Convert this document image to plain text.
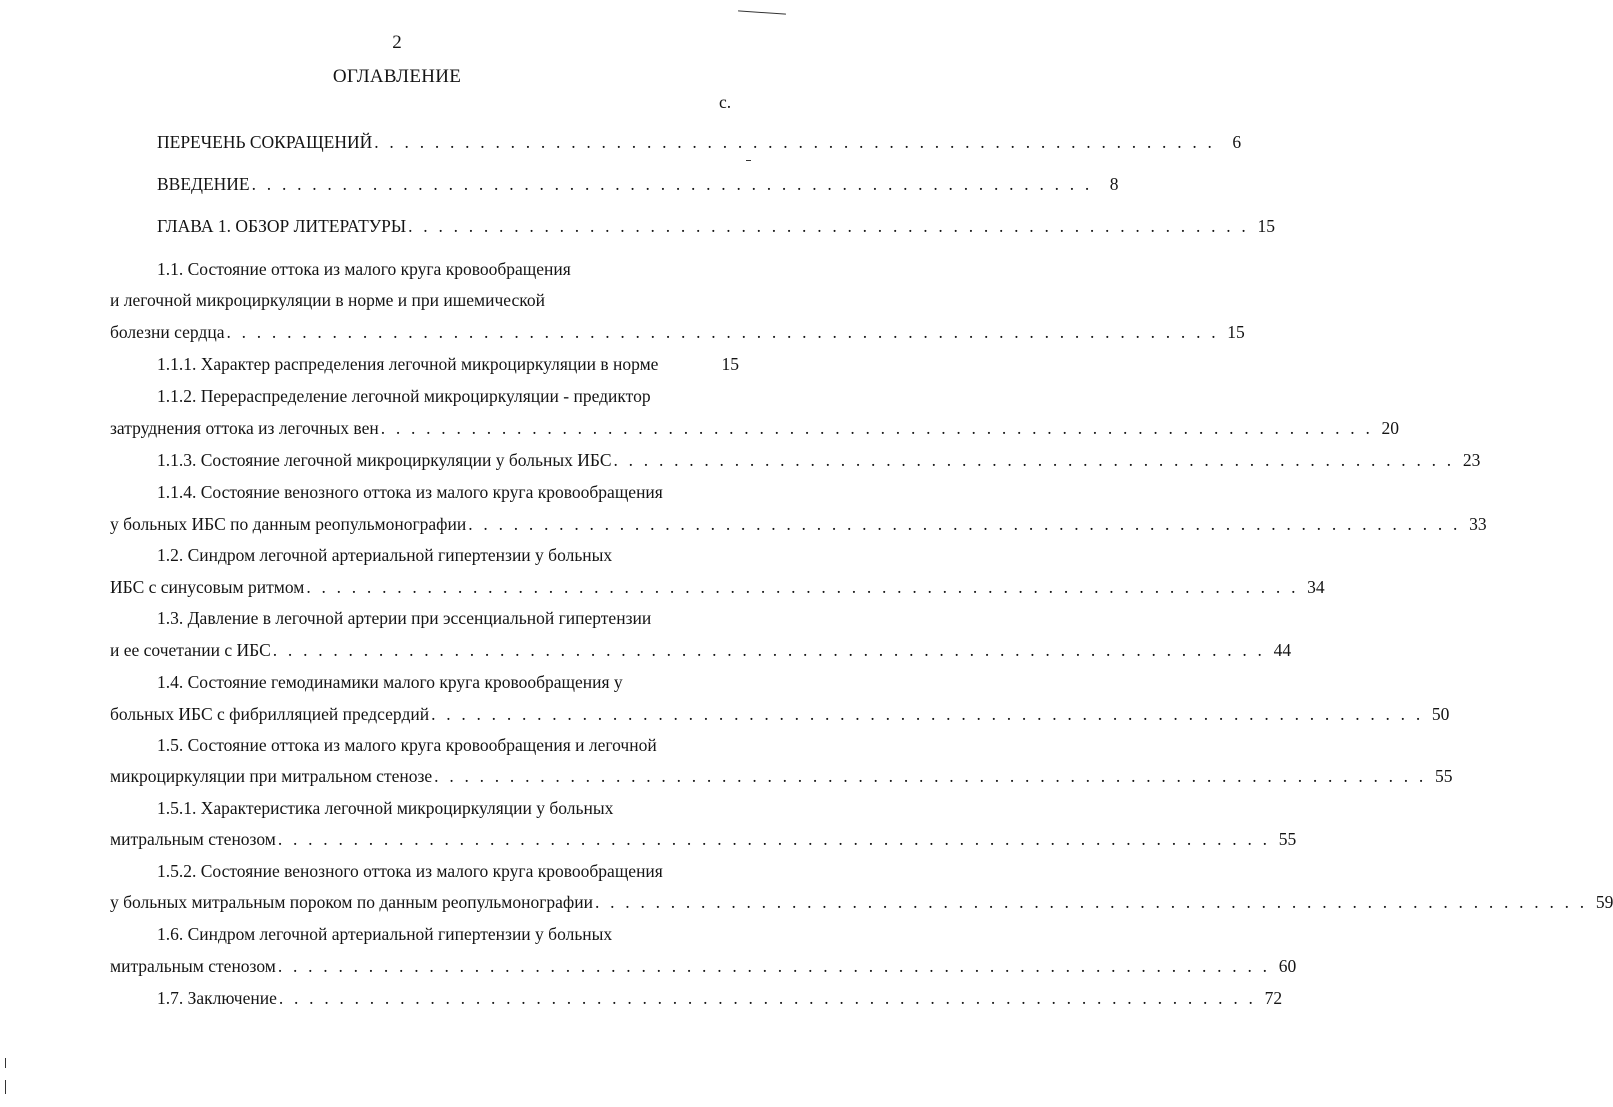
2
ОГЛАВЛЕНИЕ
с.
ПЕРЕЧЕНЬ СОКРАЩЕНИЙ . . . . . . . . . . . . . . . . . . . . . . . . . . . . . . . . . . . . . . . . . . . . . . . . . . . . . . . . 6
ВВЕДЕНИЕ . . . . . . . . . . . . . . . . . . . . . . . . . . . . . . . . . . . . . . . . . . . . . . . . . . . . . . . . 8
ГЛАВА 1. ОБЗОР ЛИТЕРАТУРЫ . . . . . . . . . . . . . . . . . . . . . . . . . . . . . . . . . . . . . . . . . . . . . . . . . . . . . . . . 15
1.1. Состояние оттока из малого круга кровообращения
и легочной микроциркуляции в норме и при ишемической
болезни сердца . . . . . . . . . . . . . . . . . . . . . . . . . . . . . . . . . . . . . . . . . . . . . . . . . . . . . . . . . . . . . . . . . . 15
1.1.1. Характер распределения легочной микроциркуляции в норме	15
1.1.2. Перераспределение легочной микроциркуляции - предиктор
затруднения оттока из легочных вен . . . . . . . . . . . . . . . . . . . . . . . . . . . . . . . . . . . . . . . . . . . . . . . . . . . . . . . . . . . . . . . . . . 20
1.1.3. Состояние легочной микроциркуляции у больных ИБС . . . . . . . . . . . . . . . . . . . . . . . . . . . . . . . . . . . . . . . . . . . . . . . . . . . . . . . . 23
1.1.4. Состояние венозного оттока из малого круга кровообращения
у больных ИБС по данным реопульмонографии . . . . . . . . . . . . . . . . . . . . . . . . . . . . . . . . . . . . . . . . . . . . . . . . . . . . . . . . . . . . . . . . . . 33
1.2. Синдром легочной артериальной гипертензии у больных
ИБС с синусовым ритмом . . . . . . . . . . . . . . . . . . . . . . . . . . . . . . . . . . . . . . . . . . . . . . . . . . . . . . . . . . . . . . . . . . 34
1.3. Давление в легочной артерии при эссенциальной гипертензии
и ее сочетании с ИБС . . . . . . . . . . . . . . . . . . . . . . . . . . . . . . . . . . . . . . . . . . . . . . . . . . . . . . . . . . . . . . . . . . 44
1.4. Состояние гемодинамики малого круга кровообращения у
больных ИБС с фибрилляцией предсердий . . . . . . . . . . . . . . . . . . . . . . . . . . . . . . . . . . . . . . . . . . . . . . . . . . . . . . . . . . . . . . . . . . 50
1.5. Состояние оттока из малого круга кровообращения и легочной
микроциркуляции при митральном стенозе . . . . . . . . . . . . . . . . . . . . . . . . . . . . . . . . . . . . . . . . . . . . . . . . . . . . . . . . . . . . . . . . . . 55
1.5.1. Характеристика легочной микроциркуляции у больных
митральным стенозом . . . . . . . . . . . . . . . . . . . . . . . . . . . . . . . . . . . . . . . . . . . . . . . . . . . . . . . . . . . . . . . . . . 55
1.5.2. Состояние венозного оттока из малого круга кровообращения
у больных митральным пороком по данным реопульмонографии . . . . . . . . . . . . . . . . . . . . . . . . . . . . . . . . . . . . . . . . . . . . . . . . . . . . . . . . . . . . . . . . . . 59
1.6. Синдром легочной артериальной гипертензии у больных
митральным стенозом . . . . . . . . . . . . . . . . . . . . . . . . . . . . . . . . . . . . . . . . . . . . . . . . . . . . . . . . . . . . . . . . . . 60
1.7. Заключение . . . . . . . . . . . . . . . . . . . . . . . . . . . . . . . . . . . . . . . . . . . . . . . . . . . . . . . . . . . . . . . . . 72
